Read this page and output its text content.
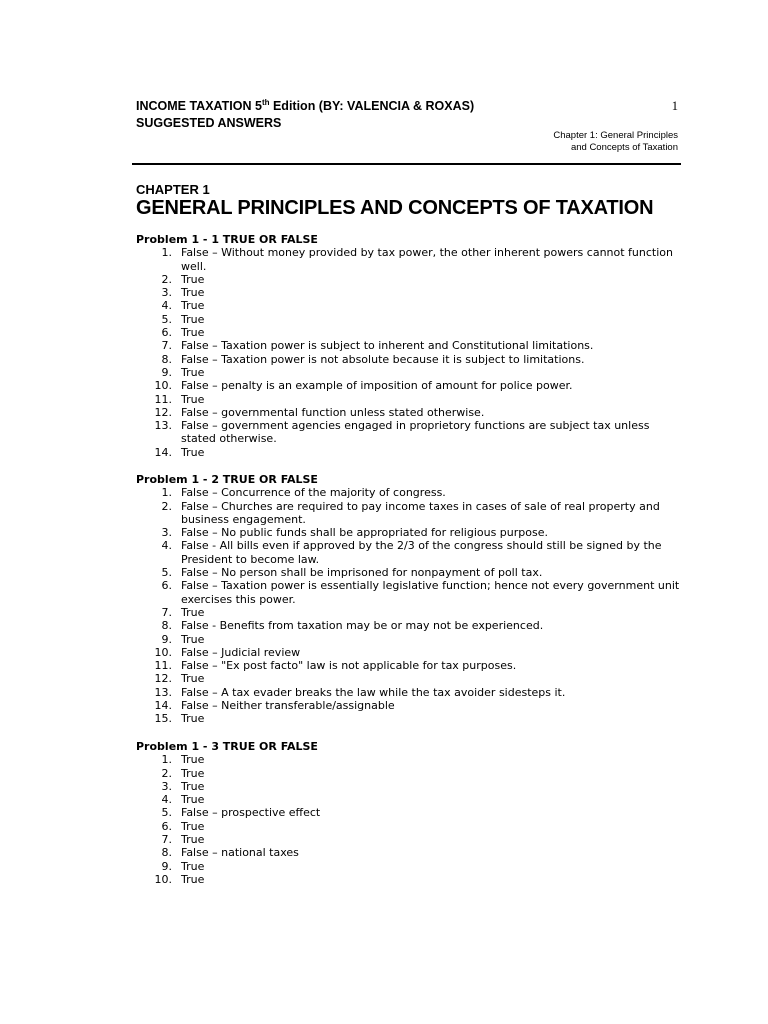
INCOME TAXATION 5th Edition (BY: VALENCIA & ROXAS)
SUGGESTED ANSWERS
1
Chapter 1: General Principles
and Concepts of Taxation
CHAPTER 1
GENERAL PRINCIPLES AND CONCEPTS OF TAXATION
Problem 1 - 1 TRUE OR FALSE
1. False – Without money provided by tax power, the other inherent powers cannot function well.
2. True
3. True
4. True
5. True
6. True
7. False – Taxation power is subject to inherent and Constitutional limitations.
8. False – Taxation power is not absolute because it is subject to limitations.
9. True
10. False – penalty is an example of imposition of amount for police power.
11. True
12. False – governmental function unless stated otherwise.
13. False – government agencies engaged in proprietory functions are subject tax unless stated otherwise.
14. True
Problem 1 - 2 TRUE OR FALSE
1. False – Concurrence of the majority of congress.
2. False – Churches are required to pay income taxes in cases of sale of real property and business engagement.
3. False – No public funds shall be appropriated for religious purpose.
4. False - All bills even if approved by the 2/3 of the congress should still be signed by the President to become law.
5. False – No person shall be imprisoned for nonpayment of poll tax.
6. False – Taxation power is essentially legislative function; hence not every government unit exercises this power.
7. True
8. False - Benefits from taxation may be or may not be experienced.
9. True
10. False – Judicial review
11. False – "Ex post facto" law is not applicable for tax purposes.
12. True
13. False – A tax evader breaks the law while the tax avoider sidesteps it.
14. False – Neither transferable/assignable
15. True
Problem 1 - 3 TRUE OR FALSE
1. True
2. True
3. True
4. True
5. False – prospective effect
6. True
7. True
8. False – national taxes
9. True
10. True
